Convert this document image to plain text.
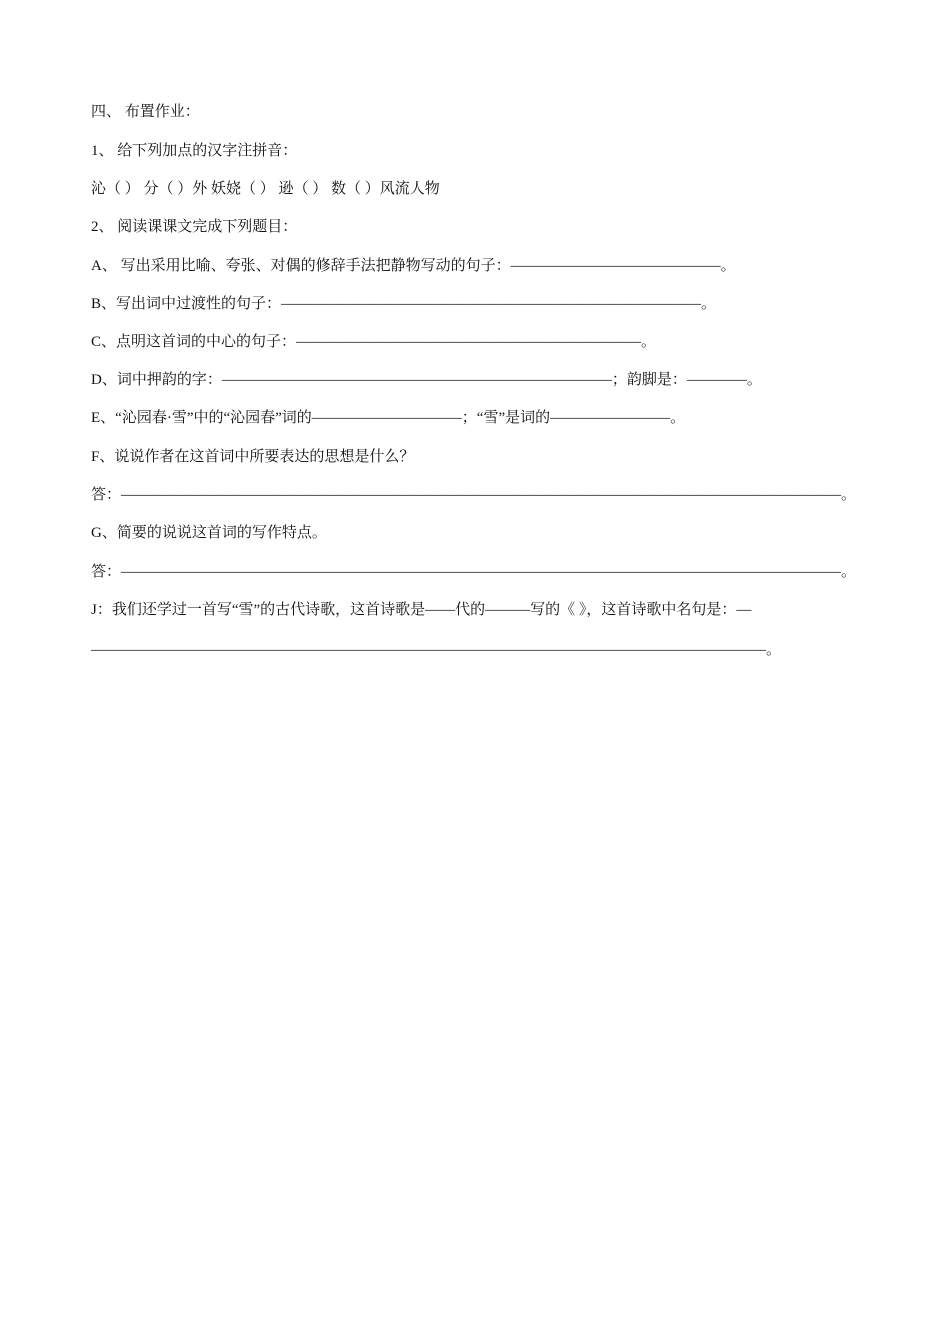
四、 布置作业：
1、 给下列加点的汉字注拼音：
沁（ ） 分（ ）外 妖娆（ ） 逊（ ） 数（ ）风流人物
2、 阅读课课文完成下列题目：
A、 写出采用比喻、夸张、对偶的修辞手法把静物写动的句子：——————————————。
B、写出词中过渡性的句子：————————————————————————————。
C、点明这首词的中心的句子：———————————————————————。
D、词中押韵的字：——————————————————————————；韵脚是：————。
E、“沁园春·雪”中的“沁园春”词的——————————；“雪”是词的————————。
F、说说作者在这首词中所要表达的思想是什么？
答：————————————————————————————————————————————————。
G、简要的说说这首词的写作特点。
答：————————————————————————————————————————————————。
J：我们还学过一首写“雪”的古代诗歌，这首诗歌是——代的———写的《 》，这首诗歌中名句是：—
—————————————————————————————————————————————。
